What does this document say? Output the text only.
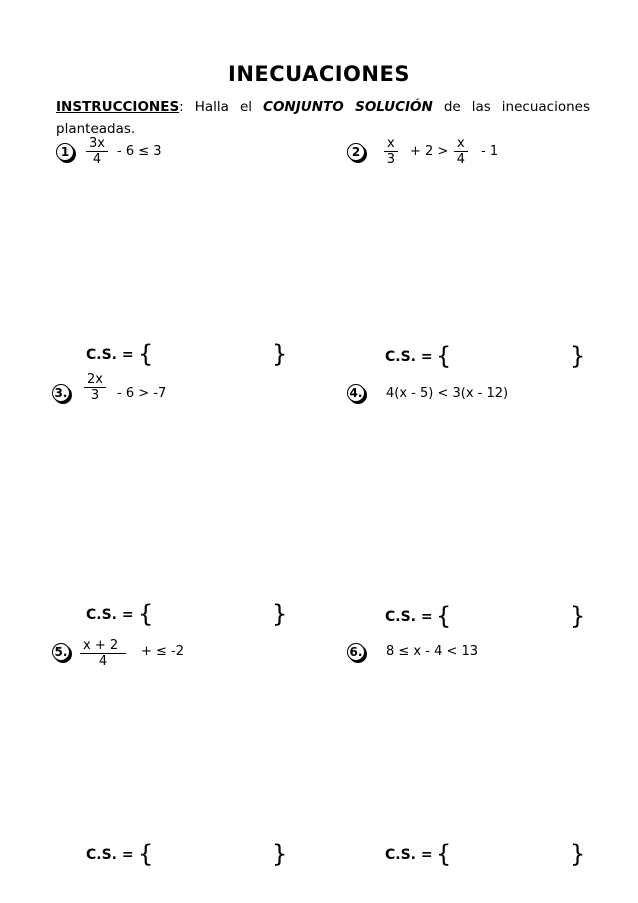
INECUACIONES
INSTRUCCIONES: Halla el CONJUNTO SOLUCIÓN de las inecuaciones planteadas.
1	$\frac{3x}{4} - 6 \le 3$	2	$\frac{x}{3} + 2 > \frac{x}{4} - 1$
C.S. = {	}	C.S. = {	}
3. $\frac{2x}{3} - 6 > -7$	4. 4(x - 5) < 3(x - 12)
C.S. = {	}	C.S. = {	}
5. $\frac{x + 2}{4}$ + ≤ -2	6. 8 ≤ x - 4 < 13
C.S. = {	}	C.S. = {	}
